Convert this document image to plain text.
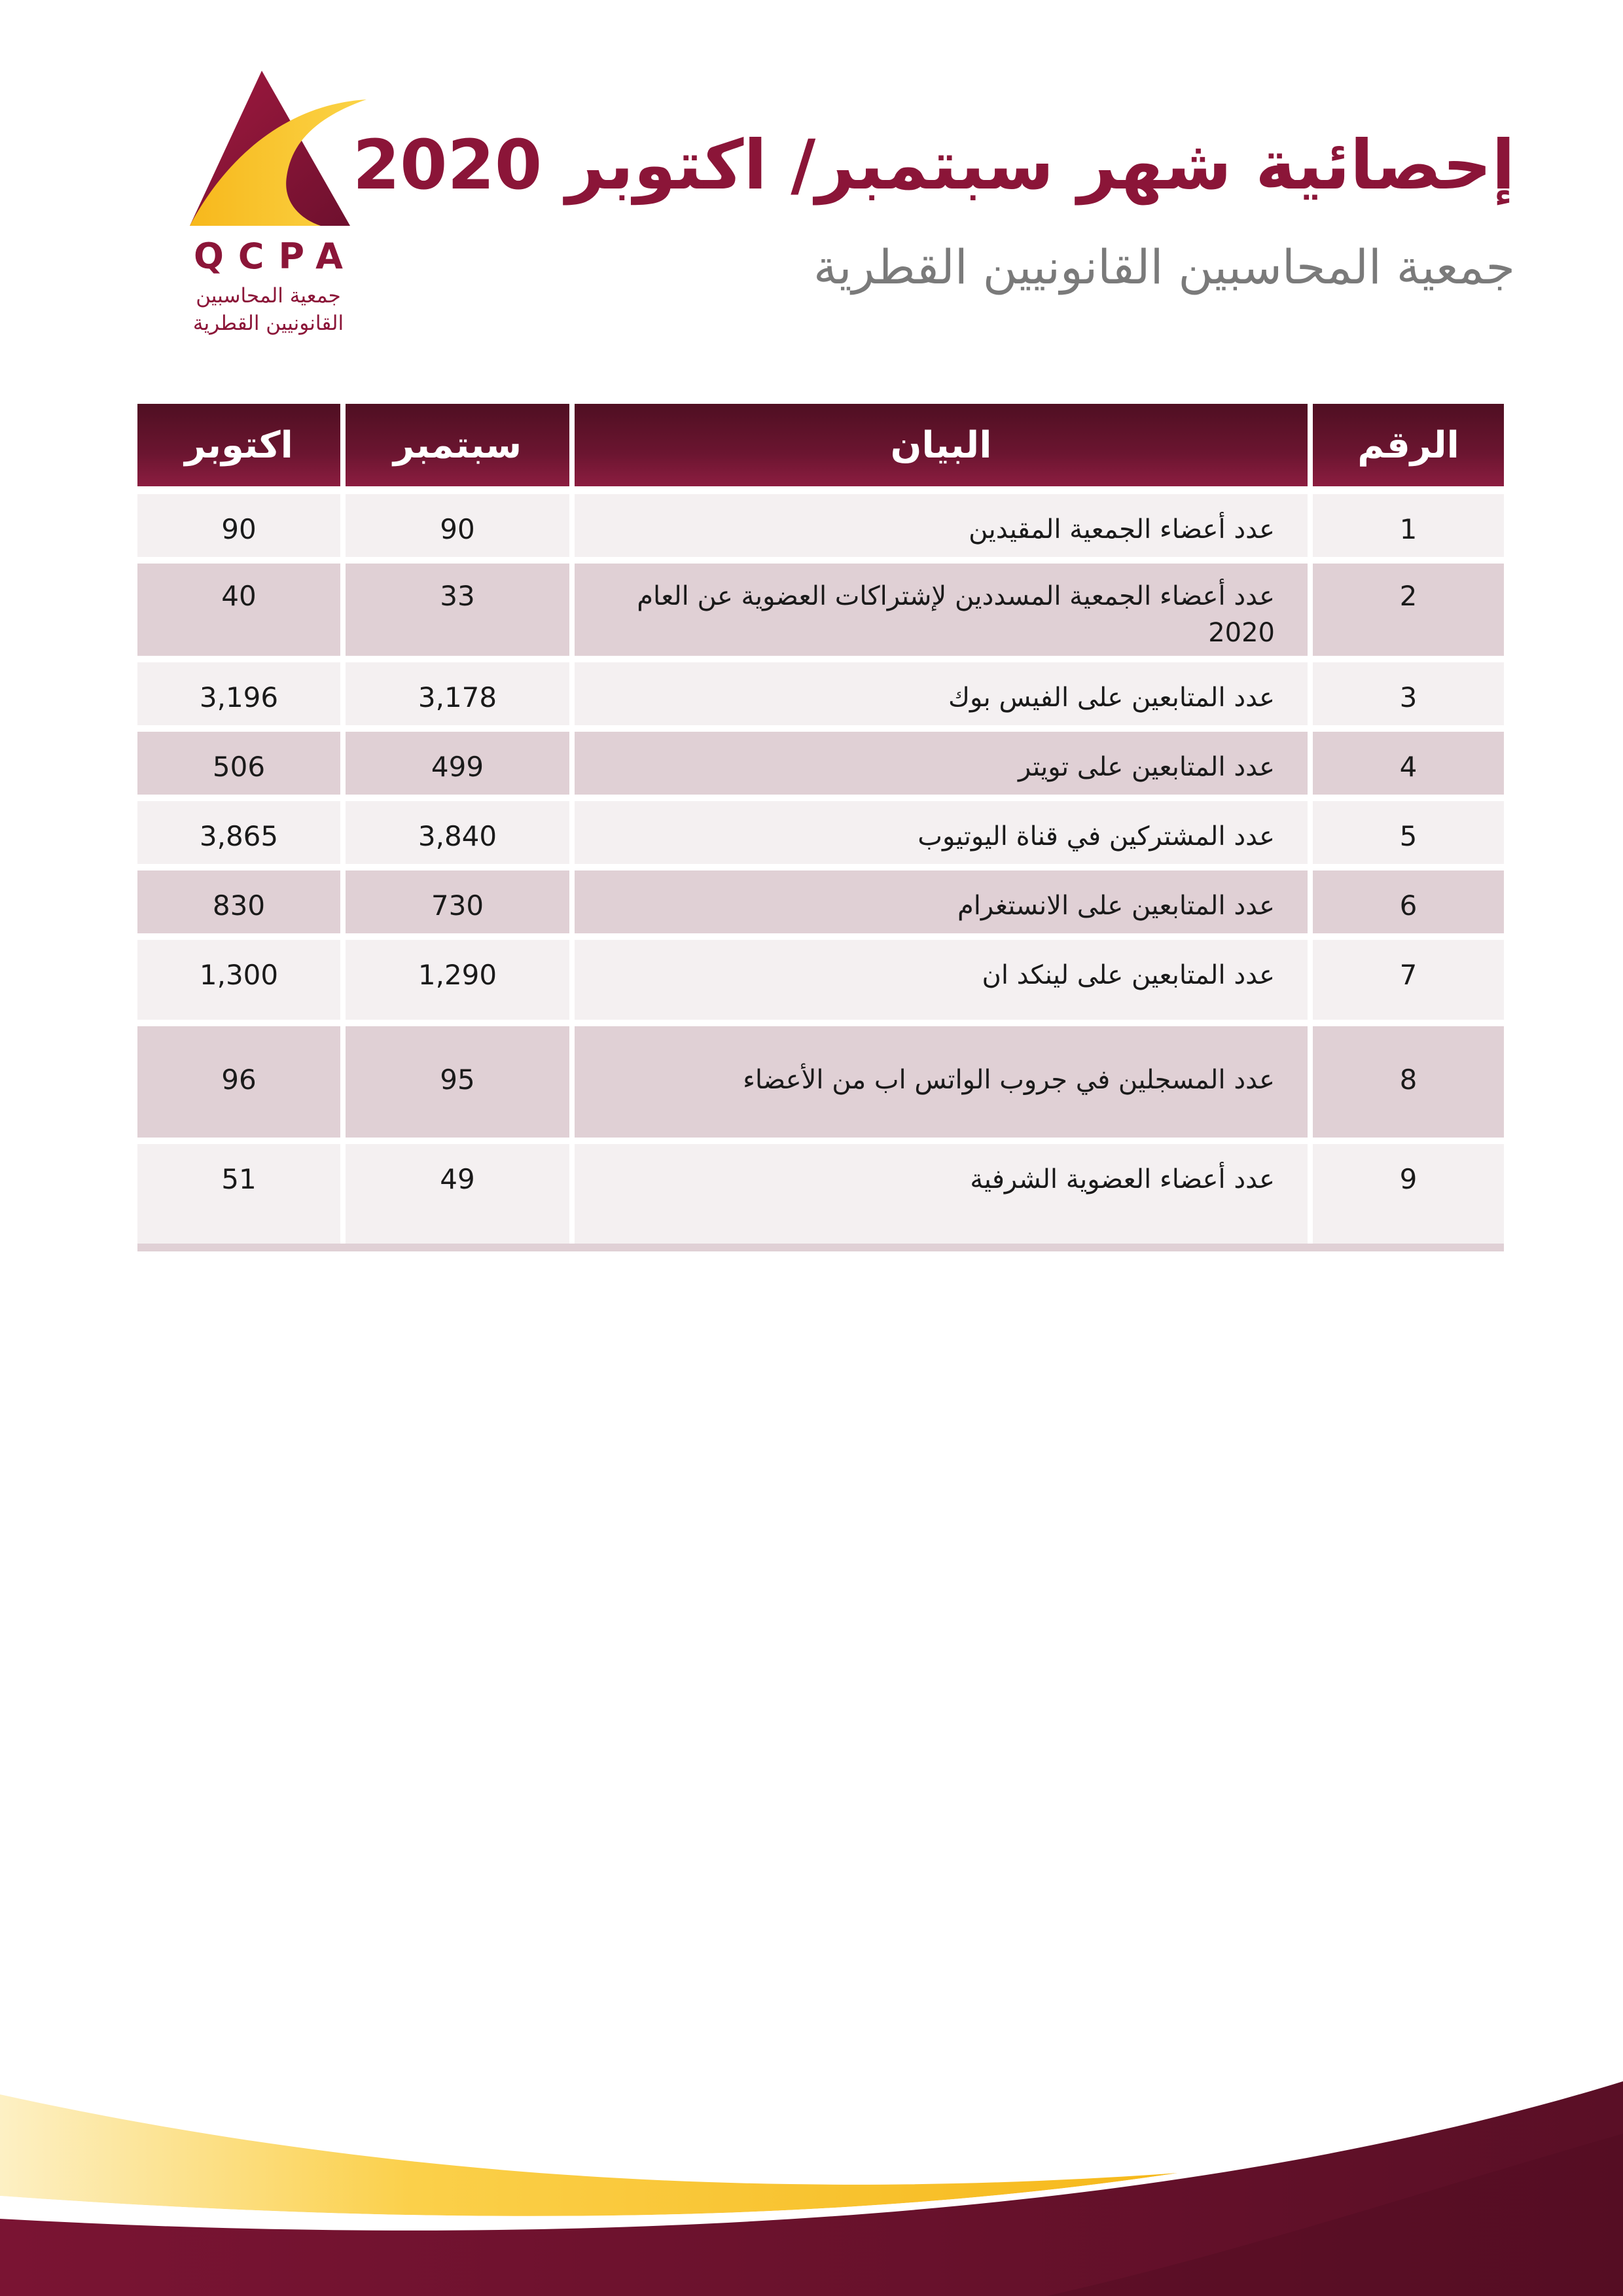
QCPA
جمعية المحاسبين
القانونيين القطرية
إحصائية شهر سبتمبر/ اكتوبر 2020
جمعية المحاسبين القانونيين القطرية
الرقم
البيان
سبتمبر
اكتوبر
1
عدد أعضاء الجمعية المقيدين
90
90
2
عدد أعضاء الجمعية المسددين لإشتراكات العضوية عن العام 2020
33
40
3
عدد المتابعين على الفيس بوك
3,178
3,196
4
عدد المتابعين على تويتر
499
506
5
عدد المشتركين في قناة اليوتيوب
3,840
3,865
6
عدد المتابعين على الانستغرام
730
830
7
عدد المتابعين على لينكد ان
1,290
1,300
8
عدد المسجلين في جروب الواتس اب من الأعضاء
95
96
9
عدد أعضاء العضوية الشرفية
49
51
